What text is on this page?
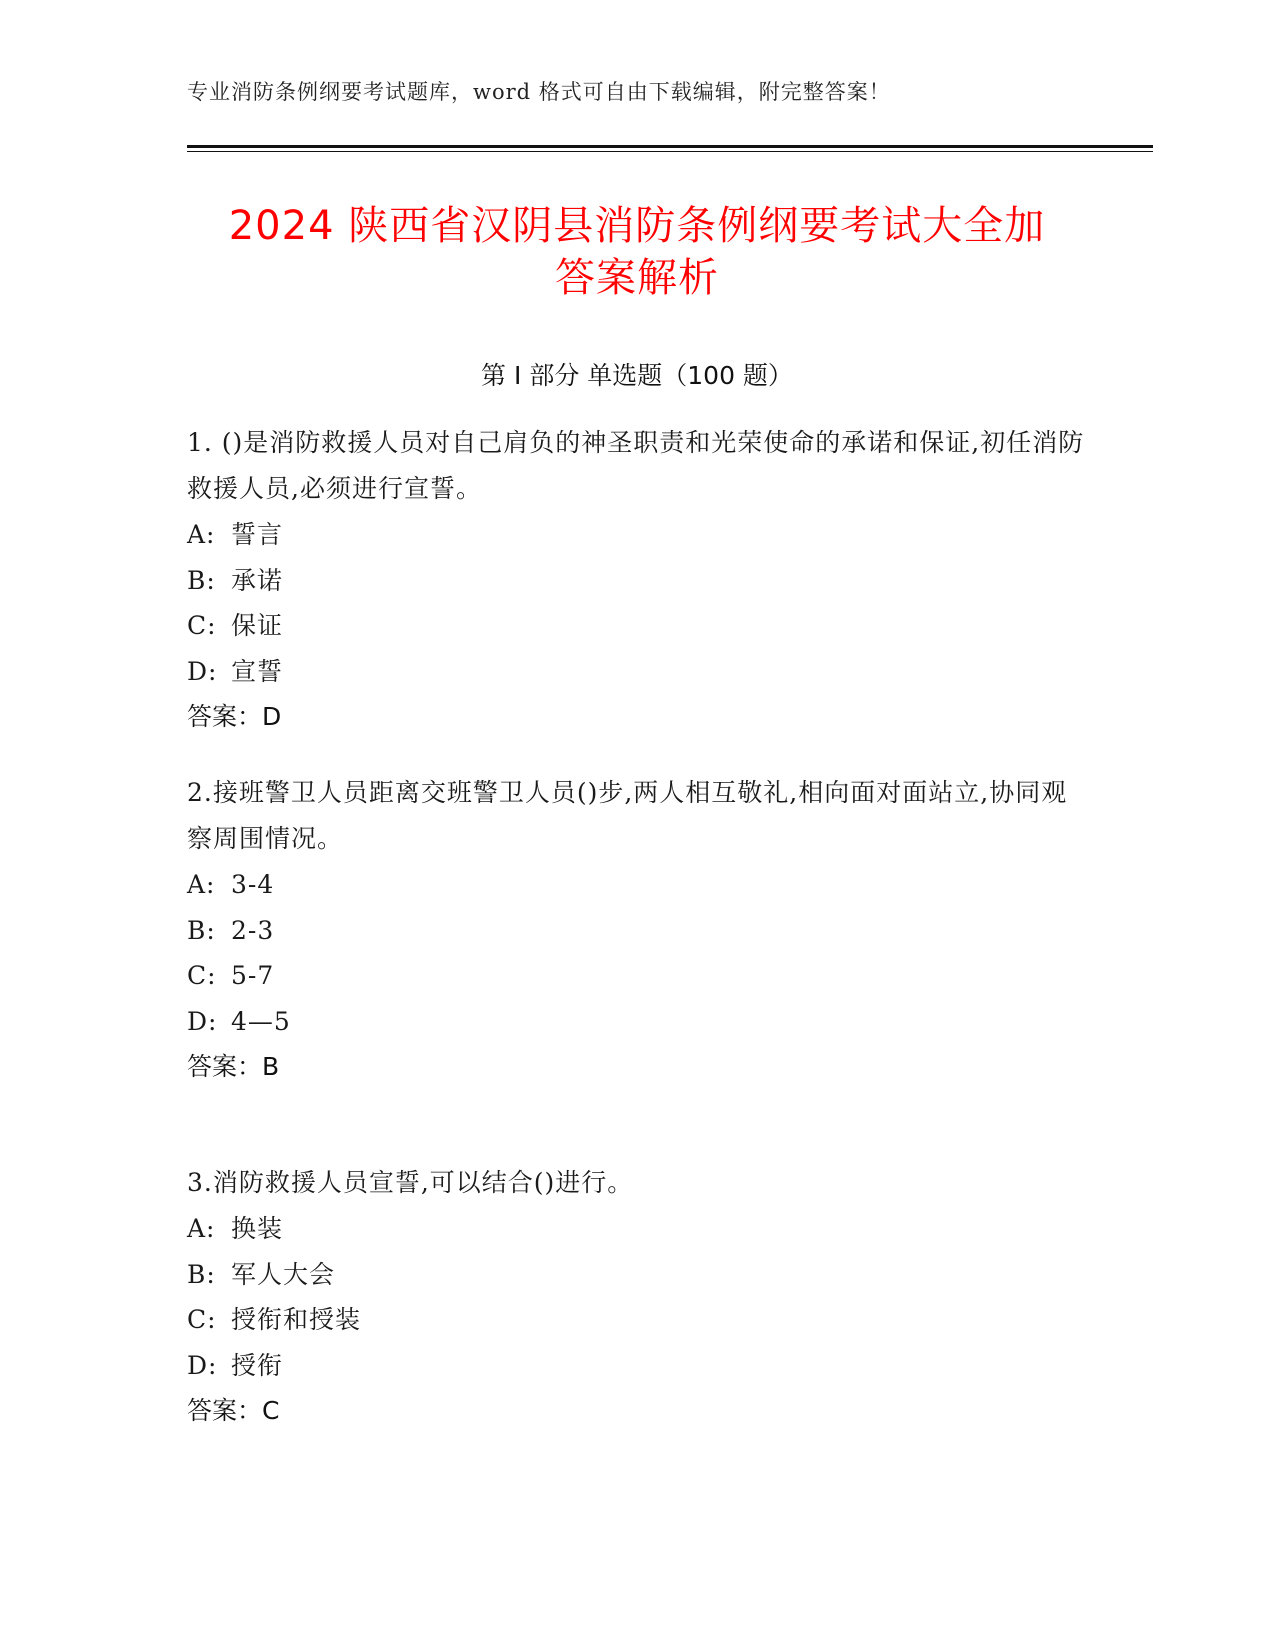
专业消防条例纲要考试题库，word 格式可自由下载编辑，附完整答案！
2024 陕西省汉阴县消防条例纲要考试大全加
答案解析
第 I 部分 单选题（100 题）

1. ()是消防救援人员对自己肩负的神圣职责和光荣使命的承诺和保证,初任消防救援人员,必须进行宣誓。

A: 誓言

B: 承诺

C: 保证

D: 宣誓

答案：D

2.接班警卫人员距离交班警卫人员()步,两人相互敬礼,相向面对面站立,协同观察周围情况。

A: 3-4

B: 2-3

C: 5-7

D: 4—5

答案：B

3.消防救援人员宣誓,可以结合()进行。

A: 换装

B: 军人大会

C: 授衔和授装

D: 授衔

答案：C
